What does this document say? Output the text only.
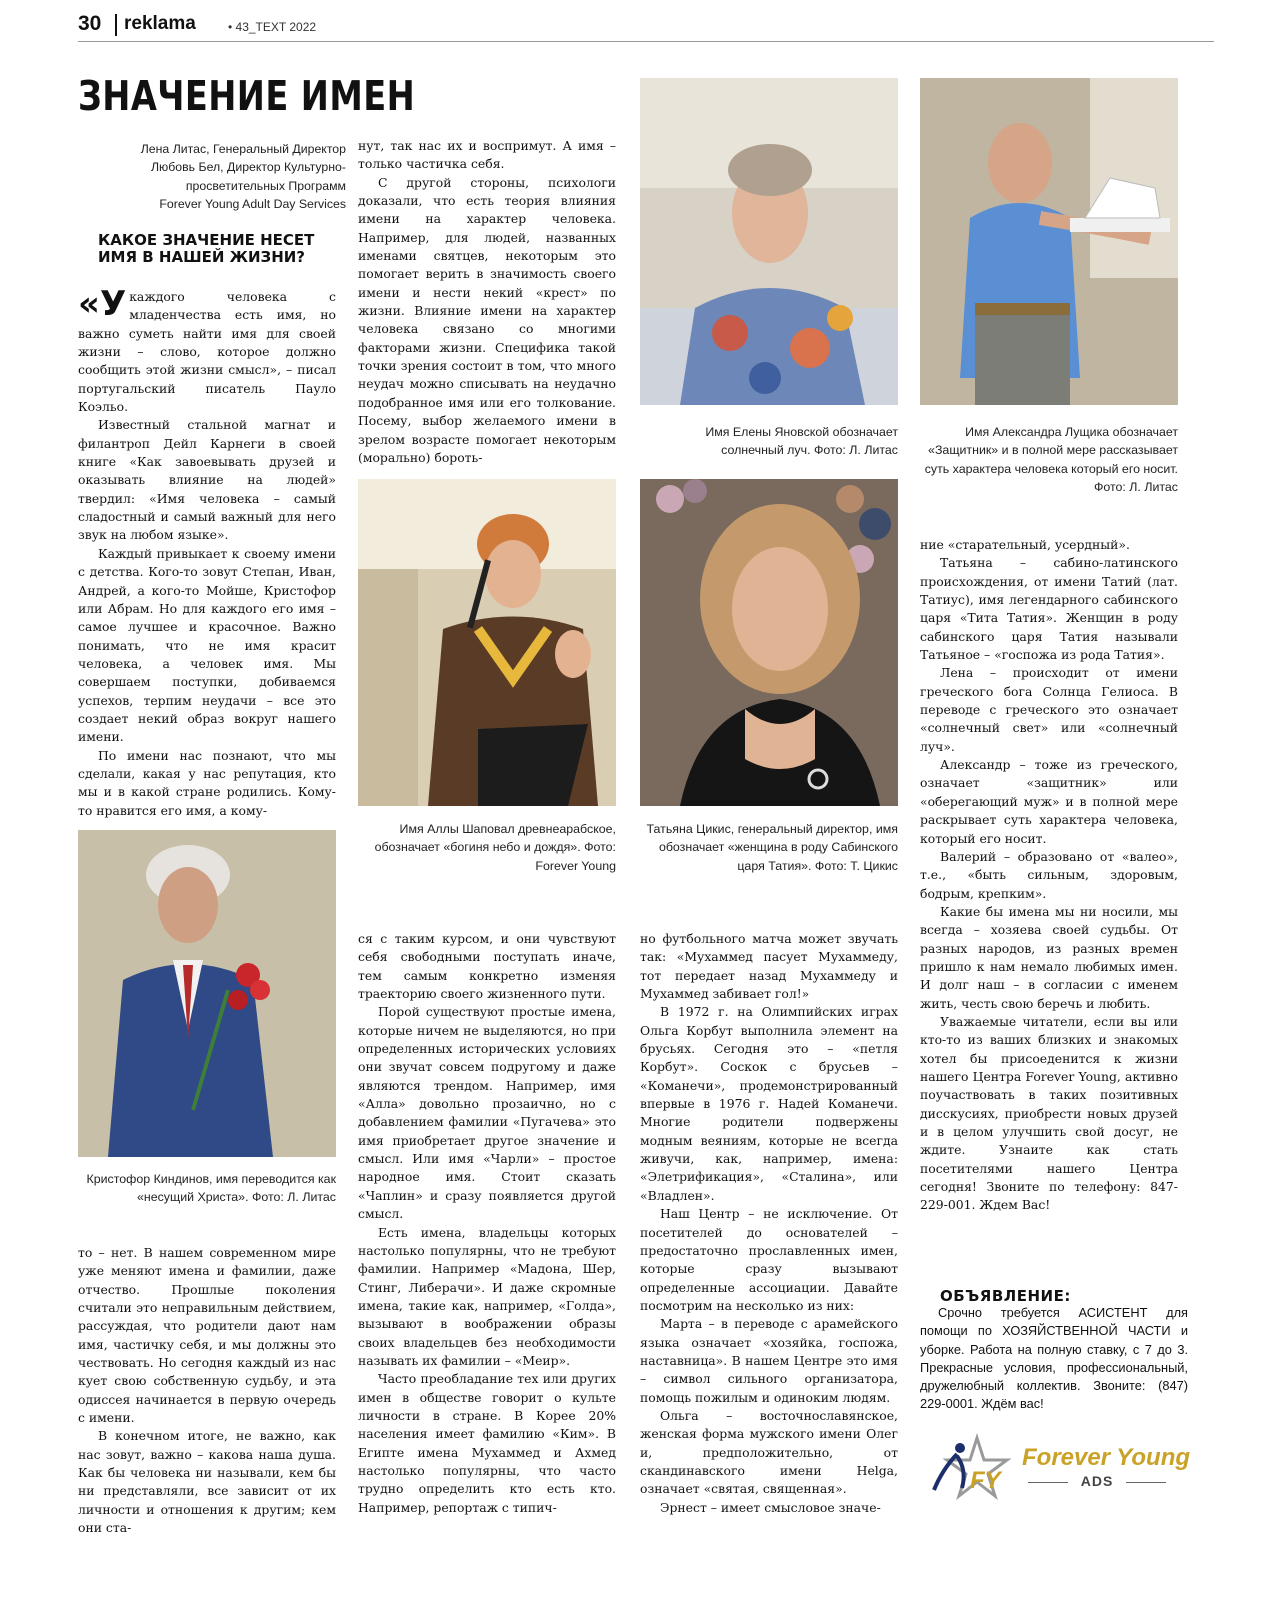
30 reklama	• 43_TEXT 2022
ЗНАЧЕНИЕ ИМЕН
Лена Литас, Генеральный Директор
Любовь Бел, Директор Культурно-
просветительных Программ
Forever Young Adult Day Services
КАКОЕ ЗНАЧЕНИЕ НЕСЕТ ИМЯ В НАШЕЙ ЖИЗНИ?

«Укаждого человека с младенчества есть имя, но важно суметь найти имя для своей жизни – слово, которое должно сообщить этой жизни смысл», – писал португальский писатель Пауло Коэльо.

Известный стальной магнат и филантроп Дейл Карнеги в своей книге «Как завоевывать друзей и оказывать влияние на людей» твердил: «Имя человека – самый сладостный и самый важный для него звук на любом языке».

Каждый привыкает к своему имени с детства. Кого-то зовут Степан, Иван, Андрей, а кого-то Мойше, Кристофор или Абрам. Но для каждого его имя – самое лучшее и красочное. Важно понимать, что не имя красит человека, а человек имя. Мы совершаем поступки, добиваемся успехов, терпим неудачи – все это создает некий образ вокруг нашего имени.

По имени нас познают, что мы сделали, какая у нас репутация, кто мы и в какой стране родились. Кому-то нравится его имя, а кому-

нут, так нас их и воспримут. А имя – только частичка себя.

С другой стороны, психологи доказали, что есть теория влияния имени на характер человека. Например, для людей, названных именами святцев, некоторым это помогает верить в значимость своего имени и нести некий «крест» по жизни. Влияние имени на характер человека связано со многими факторами жизни. Специфика такой точки зрения состоит в том, что много неудач можно списывать на неудачно подобранное имя или его толкование. Посему, выбор желаемого имени в зрелом возрасте помогает некоторым (морально) бороть-

Имя Елены Яновской обозначает солнечный луч. Фото: Л. Литас
Имя Александра Лущика обозначает «Защитник» и в полной мере рассказывает суть характера человека который его носит. Фото: Л. Литас
Имя Аллы Шаповал древнеарабское, обозначает «богиня небо и дождя». Фото: Forever Young
Татьяна Цикис, генеральный директор, имя обозначает «женщина в роду Сабинского царя Татия». Фото: Т. Цикис

ние «старательный, усердный».

Татьяна – сабино-латинского происхождения, от имени Татий (лат. Татиус), имя легендарного сабинского царя «Тита Татия». Женщин в роду сабинского царя Татия называли Татьяное – «госпожа из рода Татия».

Лена – происходит от имени греческого бога Солнца Гелиоса. В переводе с греческого это означает «солнечный свет» или «солнечный луч».

Александр – тоже из греческого, означает «защитник» или «оберегающий муж» и в полной мере раскрывает суть характера человека, который его носит.

Валерий – образовано от «валео», т.е., «быть сильным, здоровым, бодрым, крепким».

Какие бы имена мы ни носили, мы всегда – хозяева своей судьбы. От разных народов, из разных времен пришло к нам немало любимых имен. И долг наш – в согласии с именем жить, честь свою беречь и любить.

Уважаемые читатели, если вы или кто-то из ваших близких и знакомых хотел бы присоеденится к жизни нашего Центра Forever Young, активно поучаствовать в таких позитивных дисскусиях, приобрести новых друзей и в целом улучшить свой досуг, не ждите. Узнаите как стать посетителями нашего Центра сегодня! Звоните по телефону: 847-229-001. Ждем Вас!

Кристофор Киндинов, имя переводится как «несущий Христа». Фото: Л. Литас

то – нет. В нашем современном мире уже меняют имена и фамилии, даже отчество. Прошлые поколения считали это неправильным действием, рассуждая, что родители дают нам имя, частичку себя, и мы должны это чествовать. Но сегодня каждый из нас кует свою собственную судьбу, и эта одиссея начинается в первую очередь с имени.

В конечном итоге, не важно, как нас зовут, важно – какова наша душа. Как бы человека ни называли, кем бы ни представляли, все зависит от их личности и отношения к другим; кем они ста-

ся с таким курсом, и они чувствуют себя свободными поступать иначе, тем самым конкретно изменяя траекторию своего жизненного пути.

Порой существуют простые имена, которые ничем не выделяются, но при определенных исторических условиях они звучат совсем подругому и даже являются трендом. Например, имя «Алла» довольно прозаично, но с добавлением фамилии «Пугачева» это имя приобретает другое значение и смысл. Или имя «Чарли» – простое народное имя. Стоит сказать «Чаплин» и сразу появляется другой смысл.

Есть имена, владельцы которых настолько популярны, что не требуют фамилии. Например «Мадона, Шер, Стинг, Либерачи». И даже скромные имена, такие как, например, «Голда», вызывают в воображении образы своих владельцев без необходимости называть их фамилии – «Меир».

Часто преобладание тех или других имен в обществе говорит о культе личности в стране. В Корее 20% населения имеет фамилию «Ким». В Египте имена Мухаммед и Ахмед настолько популярны, что часто трудно определить кто есть кто. Например, репортаж с типич-

но футбольного матча может звучать так: «Мухаммед пасует Мухаммеду, тот передает назад Мухаммеду и Мухаммед забивает гол!»

В 1972 г. на Олимпийских играх Ольга Корбут выполнила элемент на брусьях. Сегодня это – «петля Корбут». Соскок с брусьев – «Команечи», продемонстрированный впервые в 1976 г. Надей Команечи. Многие родители подвержены модным веяниям, которые не всегда живучи, как, например, имена: «Элетрификация», «Сталина», или «Владлен».

Наш Центр – не исключение. От посетителей до основателей – предостаточно прославленных имен, которые сразу вызывают определенные ассоциации. Давайте посмотрим на несколько из них:

Марта – в переводе с арамейского языка означает «хозяйка, госпожа, наставница». В нашем Центре это имя – символ сильного организатора, помощь пожилым и одиноким людям.

Ольга – восточнославянское, женская форма мужского имени Олег и, предположительно, от скандинавского имени Helga, означает «святая, священная».

Эрнест – имеет смысловое значе-

ОБЪЯВЛЕНИЕ:
Срочно требуется АСИСТЕНТ для помощи по ХОЗЯЙСТВЕННОЙ ЧАСТИ и уборке. Работа на полную ставку, с 7 до 3. Прекрасные условия, профессиональный, дружелюбный коллектив. Звоните: (847) 229-0001. Ждём вас!
FY
Forever Young
ADS
